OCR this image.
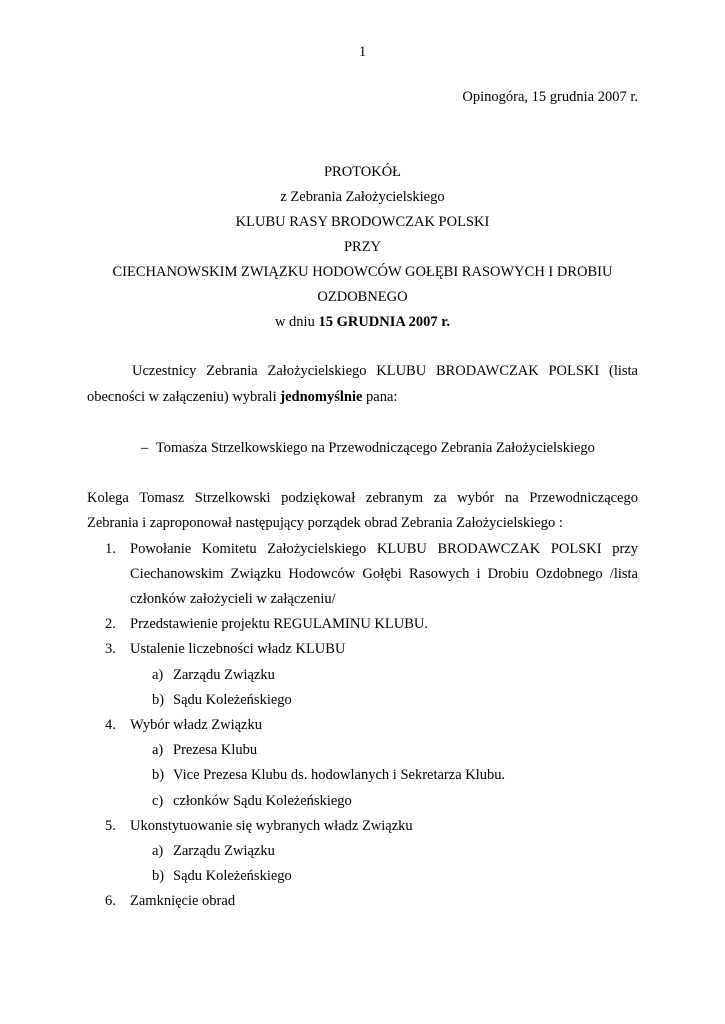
1
Opinogóra, 15 grudnia 2007 r.
PROTOKÓŁ
z Zebrania Założycielskiego
KLUBU RASY BRODOWCZAK POLSKI
PRZY
CIECHANOWSKIM ZWIĄZKU HODOWCÓW GOŁĘBI RASOWYCH I DROBIU
OZDOBNEGO
w dniu 15 GRUDNIA 2007 r.
Uczestnicy Zebrania Założycielskiego KLUBU BRODAWCZAK POLSKI (lista
obecności w załączeniu) wybrali jednomyślnie pana:
– Tomasza Strzelkowskiego na Przewodniczącego Zebrania Założycielskiego
Kolega Tomasz Strzelkowski podziękował zebranym za wybór na Przewodniczącego
Zebrania i zaproponował następujący porządek obrad Zebrania Założycielskiego :
1. Powołanie Komitetu Założycielskiego KLUBU BRODAWCZAK POLSKI przy
Ciechanowskim Związku Hodowców Gołębi Rasowych i Drobiu Ozdobnego /lista
członków założycieli w załączeniu/
2. Przedstawienie projektu REGULAMINU KLUBU.
3. Ustalenie liczebności władz KLUBU
a) Zarządu Związku
b) Sądu Koleżeńskiego
4. Wybór władz Związku
a) Prezesa Klubu
b) Vice Prezesa Klubu ds. hodowlanych i Sekretarza Klubu.
c) członków Sądu Koleżeńskiego
5. Ukonstytuowanie się wybranych władz Związku
a) Zarządu Związku
b) Sądu Koleżeńskiego
6. Zamknięcie obrad
